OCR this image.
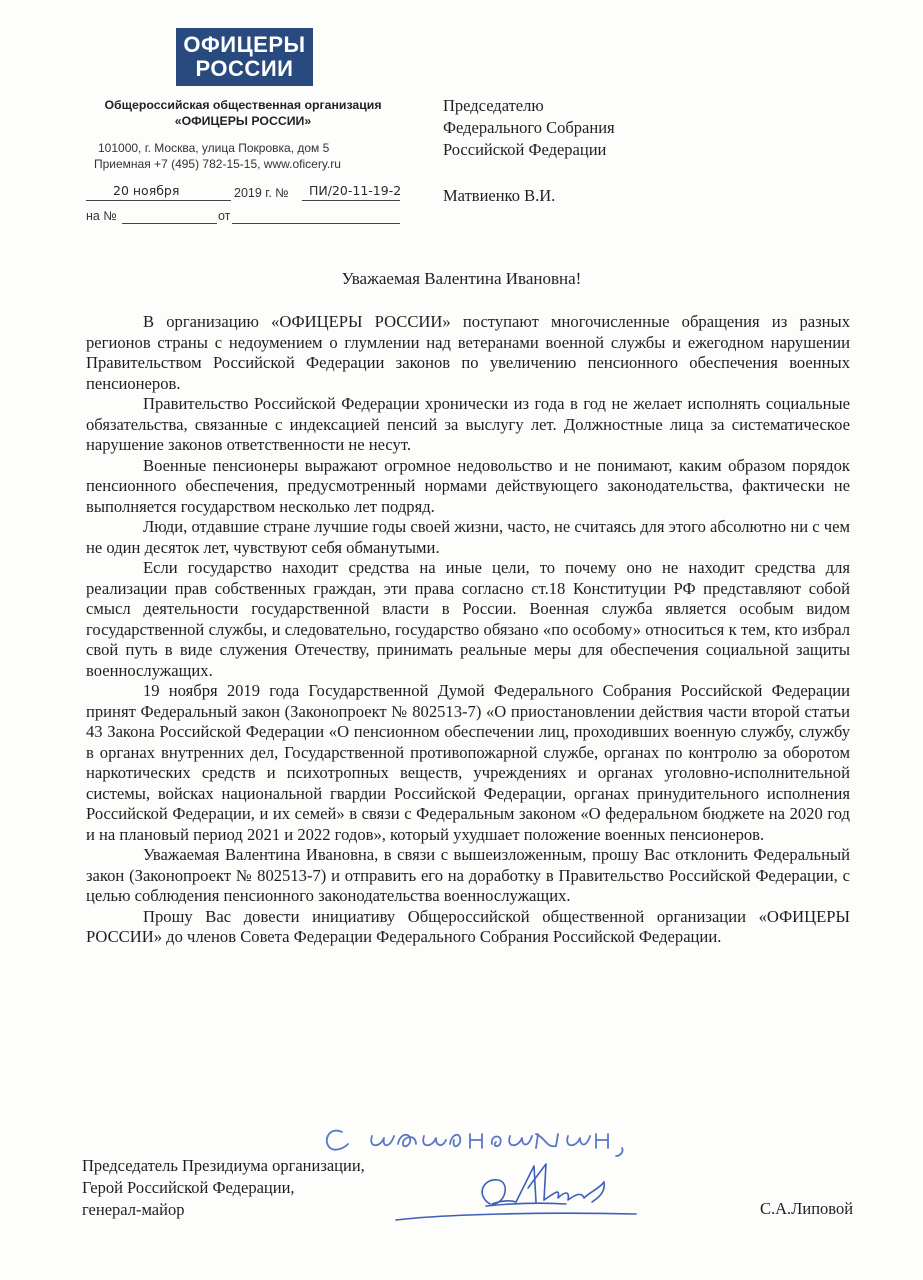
ОФИЦЕРЫ
РОССИИ
Общероссийская общественная организация
«ОФИЦЕРЫ РОССИИ»
101000, г. Москва, улица Покровка, дом 5
Приемная +7 (495) 782-15-15, www.oficery.ru
20 ноября	2019 г. № ПИ/20-11-19-2
на №	от
Председателю
Федерального Собрания
Российской Федерации
Матвиенко В.И.
Уважаемая Валентина Ивановна!

В организацию «ОФИЦЕРЫ РОССИИ» поступают многочисленные обращения из разных регионов страны с недоумением о глумлении над ветеранами военной службы и ежегодном нарушении Правительством Российской Федерации законов по увеличению пенсионного обеспечения военных пенсионеров.

Правительство Российской Федерации хронически из года в год не желает исполнять социальные обязательства, связанные с индексацией пенсий за выслугу лет. Должностные лица за систематическое нарушение законов ответственности не несут.

Военные пенсионеры выражают огромное недовольство и не понимают, каким образом порядок пенсионного обеспечения, предусмотренный нормами действующего законодательства, фактически не выполняется государством несколько лет подряд.

Люди, отдавшие стране лучшие годы своей жизни, часто, не считаясь для этого абсолютно ни с чем не один десяток лет, чувствуют себя обманутыми.

Если государство находит средства на иные цели, то почему оно не находит средства для реализации прав собственных граждан, эти права согласно ст.18 Конституции РФ представляют собой смысл деятельности государственной власти в России. Военная служба является особым видом государственной службы, и следовательно, государство обязано «по особому» относиться к тем, кто избрал свой путь в виде служения Отечеству, принимать реальные меры для обеспечения социальной защиты военнослужащих.

19 ноября 2019 года Государственной Думой Федерального Собрания Российской Федерации принят Федеральный закон (Законопроект № 802513-7) «О приостановлении действия части второй статьи 43 Закона Российской Федерации «О пенсионном обеспечении лиц, проходивших военную службу, службу в органах внутренних дел, Государственной противопожарной службе, органах по контролю за оборотом наркотических средств и психотропных веществ, учреждениях и органах уголовно-исполнительной системы, войсках национальной гвардии Российской Федерации, органах принудительного исполнения Российской Федерации, и их семей» в связи с Федеральным законом «О федеральном бюджете на 2020 год и на плановый период 2021 и 2022 годов», который ухудшает положение военных пенсионеров.

Уважаемая Валентина Ивановна, в связи с вышеизложенным, прошу Вас отклонить Федеральный закон (Законопроект № 802513-7) и отправить его на доработку в Правительство Российской Федерации, с целью соблюдения пенсионного законодательства военнослужащих.

Прошу Вас довести инициативу Общероссийской общественной организации «ОФИЦЕРЫ РОССИИ» до членов Совета Федерации Федерального Собрания Российской Федерации.

Председатель Президиума организации,
Герой Российской Федерации,
генерал-майор	С.А.Липовой
